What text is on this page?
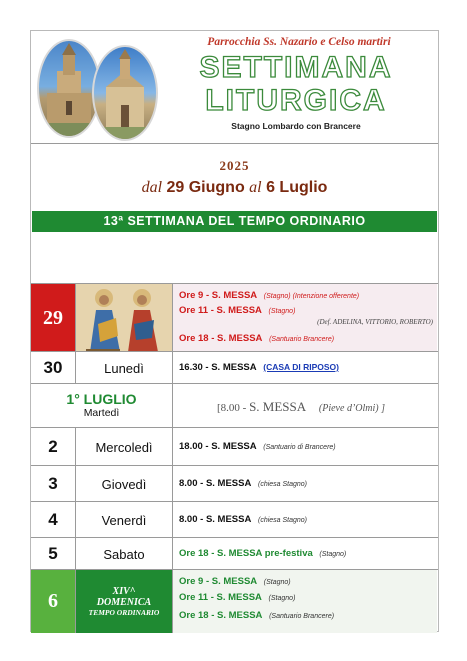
Parrocchia Ss. Nazario e Celso martiri
SETTIMANA
LITURGICA
Stagno Lombardo con Brancere
2025
dal 29 Giugno al 6 Luglio
13ª SETTIMANA DEL TEMPO ORDINARIO
29
Ore 9 - S. MESSA (Stagno) (Intenzione offerente)
Ore 11 - S. MESSA (Stagno)
(Def. ADELINA, VITTORIO, ROBERTO)
Ore 18 - S. MESSA (Santuario Brancere)
30	Lunedì	16.30 - S. MESSA (CASA DI RIPOSO)
1° LUGLIO
Martedì	[8.00 - S. MESSA (Pieve d’Olmi) ]
2	Mercoledì	18.00 - S. MESSA (Santuario di Brancere)
3	Giovedì	8.00 - S. MESSA (chiesa Stagno)
4	Venerdì	8.00 - S. MESSA (chiesa Stagno)
5	Sabato	Ore 18 - S. MESSA pre-festiva (Stagno)
6	XIV^
DOMENICA
TEMPO ORDINARIO
Ore 9 - S. MESSA (Stagno)
Ore 11 - S. MESSA (Stagno)
Ore 18 - S. MESSA (Santuario Brancere)
